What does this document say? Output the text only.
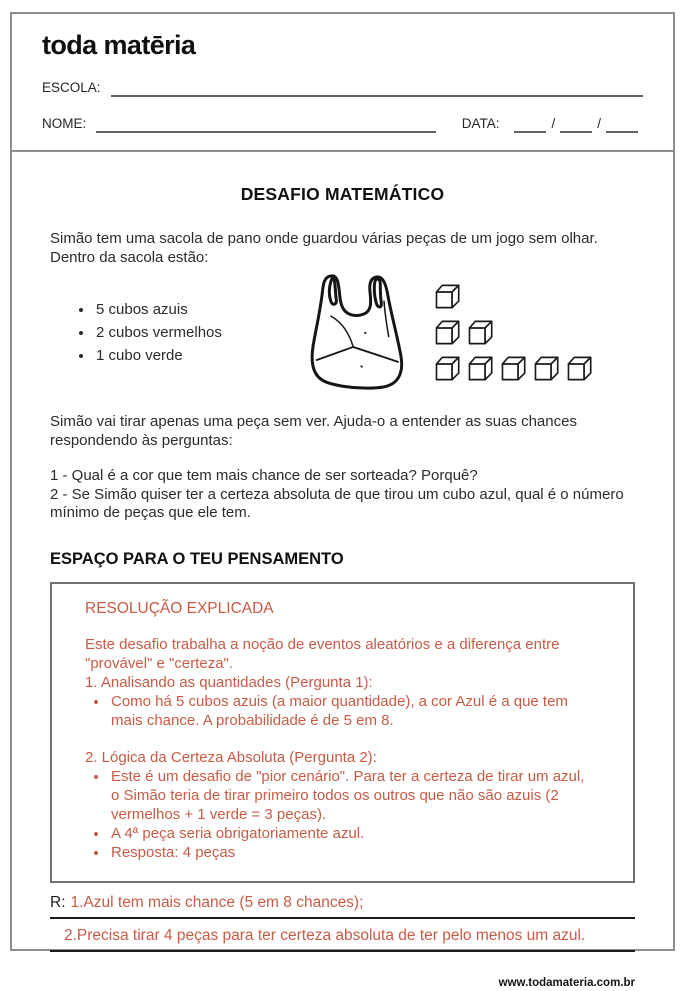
toda matēria
ESCOLA:
NOME:	DATA:	/	/
DESAFIO MATEMÁTICO

Simão tem uma sacola de pano onde guardou várias peças de um jogo sem olhar. Dentro da sacola estão:

• 5 cubos azuis
• 2 cubos vermelhos
• 1 cubo verde

Simão vai tirar apenas uma peça sem ver. Ajuda-o a entender as suas chances respondendo às perguntas:

1 - Qual é a cor que tem mais chance de ser sorteada? Porquê?

2 - Se Simão quiser ter a certeza absoluta de que tirou um cubo azul, qual é o número mínimo de peças que ele tem.

ESPAÇO PARA O TEU PENSAMENTO
RESOLUÇÃO EXPLICADA

Este desafio trabalha a noção de eventos aleatórios e a diferença entre "provável" e "certeza".

1. Analisando as quantidades (Pergunta 1):

• Como há 5 cubos azuis (a maior quantidade), a cor Azul é a que tem mais chance. A probabilidade é de 5 em 8.

2. Lógica da Certeza Absoluta (Pergunta 2):

• Este é um desafio de "pior cenário". Para ter a certeza de tirar um azul, o Simão teria de tirar primeiro todos os outros que não são azuis (2 vermelhos + 1 verde = 3 peças).
• A 4ª peça seria obrigatoriamente azul.
• Resposta: 4 peças
R: 1.Azul tem mais chance (5 em 8 chances);
2.Precisa tirar 4 peças para ter certeza absoluta de ter pelo menos um azul.
www.todamateria.com.br
